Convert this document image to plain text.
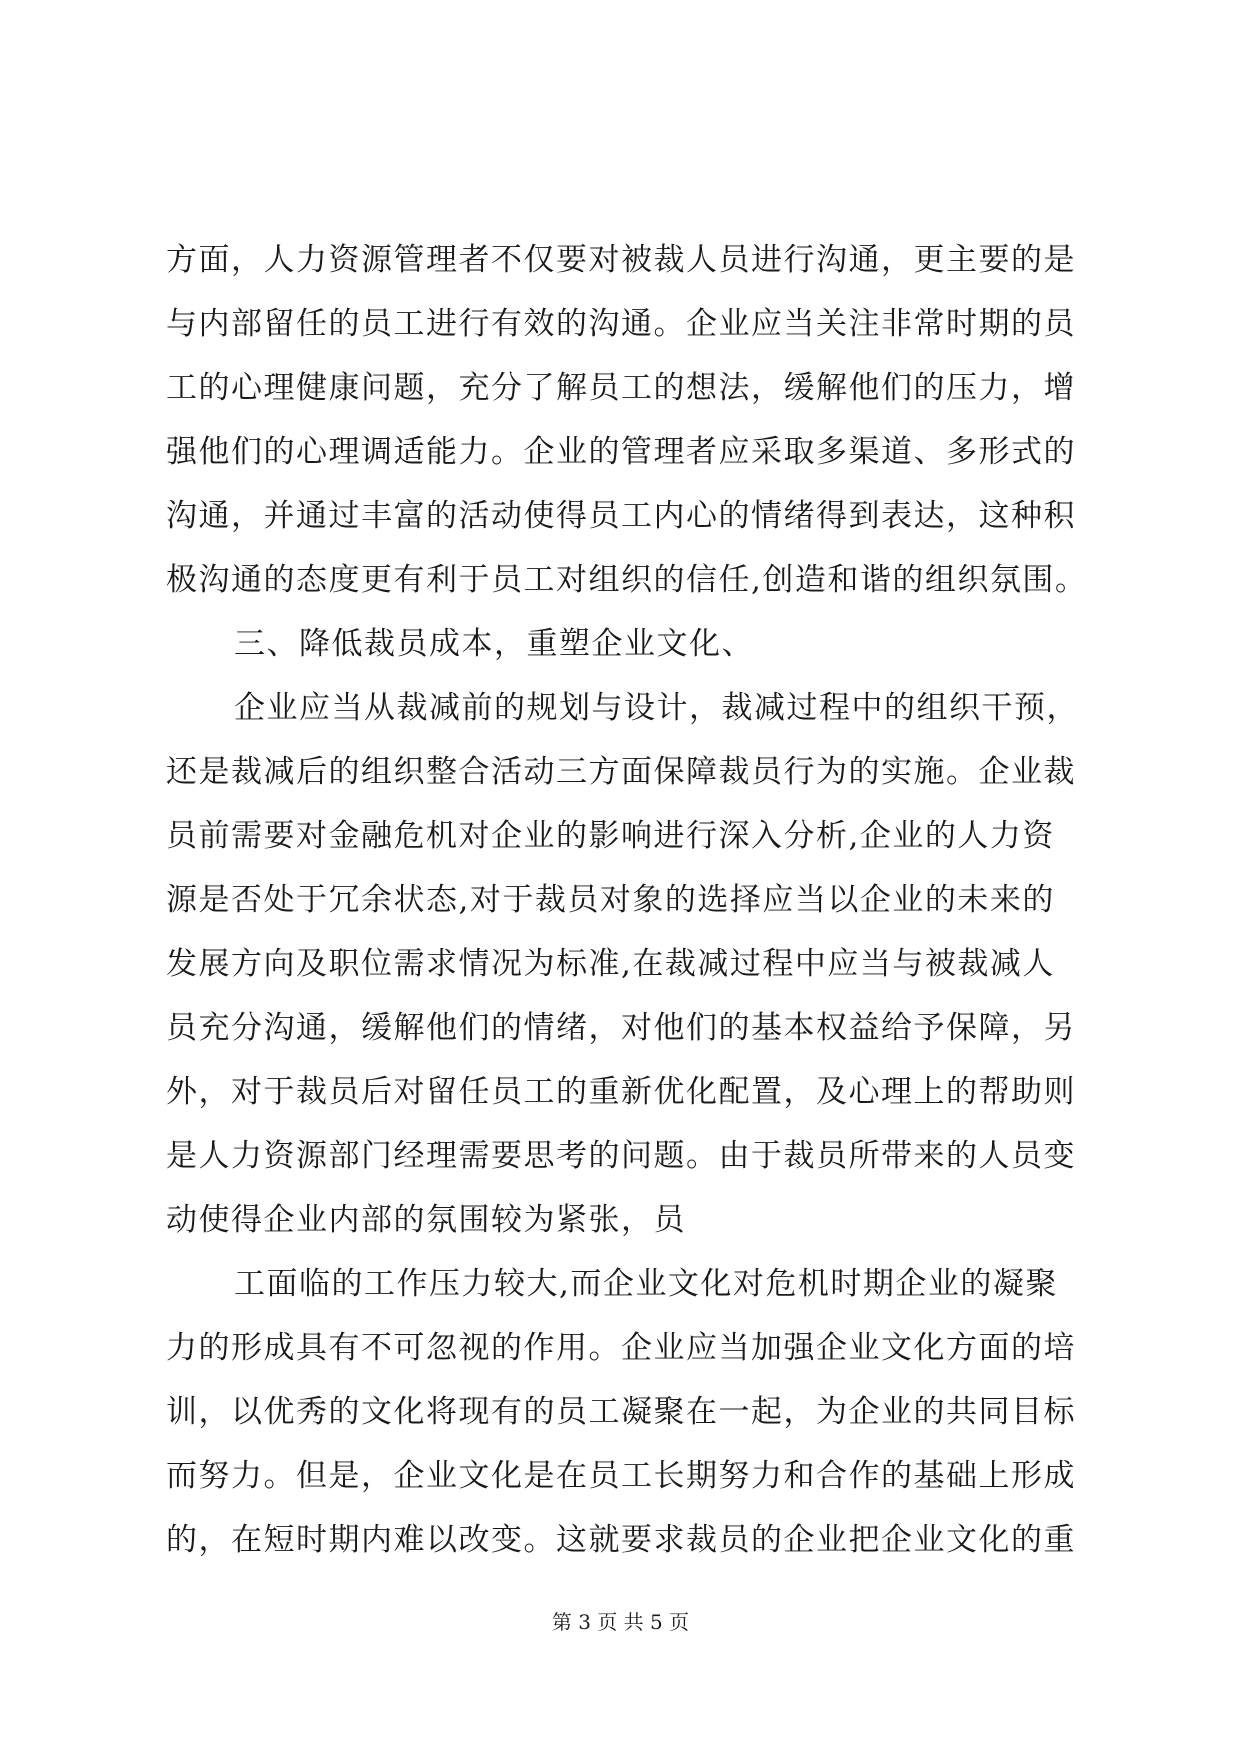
方面，人力资源管理者不仅要对被裁人员进行沟通，更主要的是
与内部留任的员工进行有效的沟通。企业应当关注非常时期的员
工的心理健康问题，充分了解员工的想法，缓解他们的压力，增
强他们的心理调适能力。企业的管理者应采取多渠道、多形式的
沟通，并通过丰富的活动使得员工内心的情绪得到表达，这种积
极沟通的态度更有利于员工对组织的信任,创造和谐的组织氛围。
三、降低裁员成本，重塑企业文化、
企业应当从裁减前的规划与设计，裁减过程中的组织干预，
还是裁减后的组织整合活动三方面保障裁员行为的实施。企业裁
员前需要对金融危机对企业的影响进行深入分析,企业的人力资
源是否处于冗余状态,对于裁员对象的选择应当以企业的未来的
发展方向及职位需求情况为标准,在裁减过程中应当与被裁减人
员充分沟通，缓解他们的情绪，对他们的基本权益给予保障，另
外，对于裁员后对留任员工的重新优化配置，及心理上的帮助则
是人力资源部门经理需要思考的问题。由于裁员所带来的人员变
动使得企业内部的氛围较为紧张，员
工面临的工作压力较大,而企业文化对危机时期企业的凝聚
力的形成具有不可忽视的作用。企业应当加强企业文化方面的培
训，以优秀的文化将现有的员工凝聚在一起，为企业的共同目标
而努力。但是，企业文化是在员工长期努力和合作的基础上形成
的，在短时期内难以改变。这就要求裁员的企业把企业文化的重
第 3 页 共 5 页
